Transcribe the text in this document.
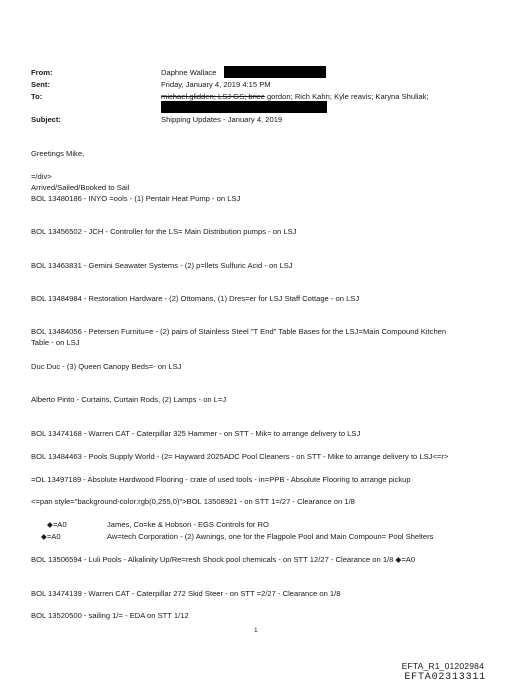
From:	Daphne Wallace
Sent:	Friday, January 4, 2019 4:15 PM
To:	michael.glidden; LSJ GS; brice gordon; Rich Kahn; Kyle reavis; Karyna Shuliak;
Subject:	Shipping Updates - January 4, 2019
Greetings Mike,
=/div>
Arrived/Sailed/Booked to Sail
BOL 13480186 - INYO =ools - (1) Pentair Heat Pump - on LSJ
BOL 13456502 - JCH - Controller for the LS= Main Distribution pumps - on LSJ
BOL 13463831 - Gemini Seawater Systems - (2) p=llets Sulfuric Acid - on LSJ
BOL 13484984 - Restoration Hardware - (2) Ottomans, (1) Dres=er for LSJ Staff Cottage - on LSJ
BOL 13484056 - Petersen Furnitu=e - (2) pairs of Stainless Steel "T End" Table Bases for the LSJ=Main Compound Kitchen
Table - on LSJ
Duc Duc - (3) Queen Canopy Beds=- on LSJ
Alberto Pinto - Curtains, Curtain Rods, (2) Lamps - on L=J
BOL 13474168 - Warren CAT - Caterpillar 325 Hammer - on STT - Mik= to arrange delivery to LSJ
BOL 13484463 - Pools Supply World - (2= Hayward 2025ADC Pool Cleaners - on STT - Mike to arrange delivery to LSJ<=r>
=OL 13497189 - Absolute Hardwood Flooring - crate of used tools - in=PPB - Absolute Flooring to arrange pickup
<=pan style="background-color:rgb(0,255,0)">BOL 13508921 - on STT 1=/27 - Clearance on 1/8
◆=A0	James, Co=ke & Hobson - EGS Controls for RO
◆=A0	Aw=tech Corporation - (2) Awnings, one for the Flagpole Pool and Main Compoun= Pool Shelters
BOL 13506594 - Luli Pools - Alkalinity Up/Re=resh Shock pool chemicals - on STT 12/27 - Clearance on 1/8 ◆=A0
BOL 13474139 - Warren CAT - Caterpillar 272 Skid Steer - on STT =2/27 - Clearance on 1/8
BOL 13520500 - sailing 1/= - EDA on STT 1/12
1
EFTA_R1_01202984
EFTA02313311
